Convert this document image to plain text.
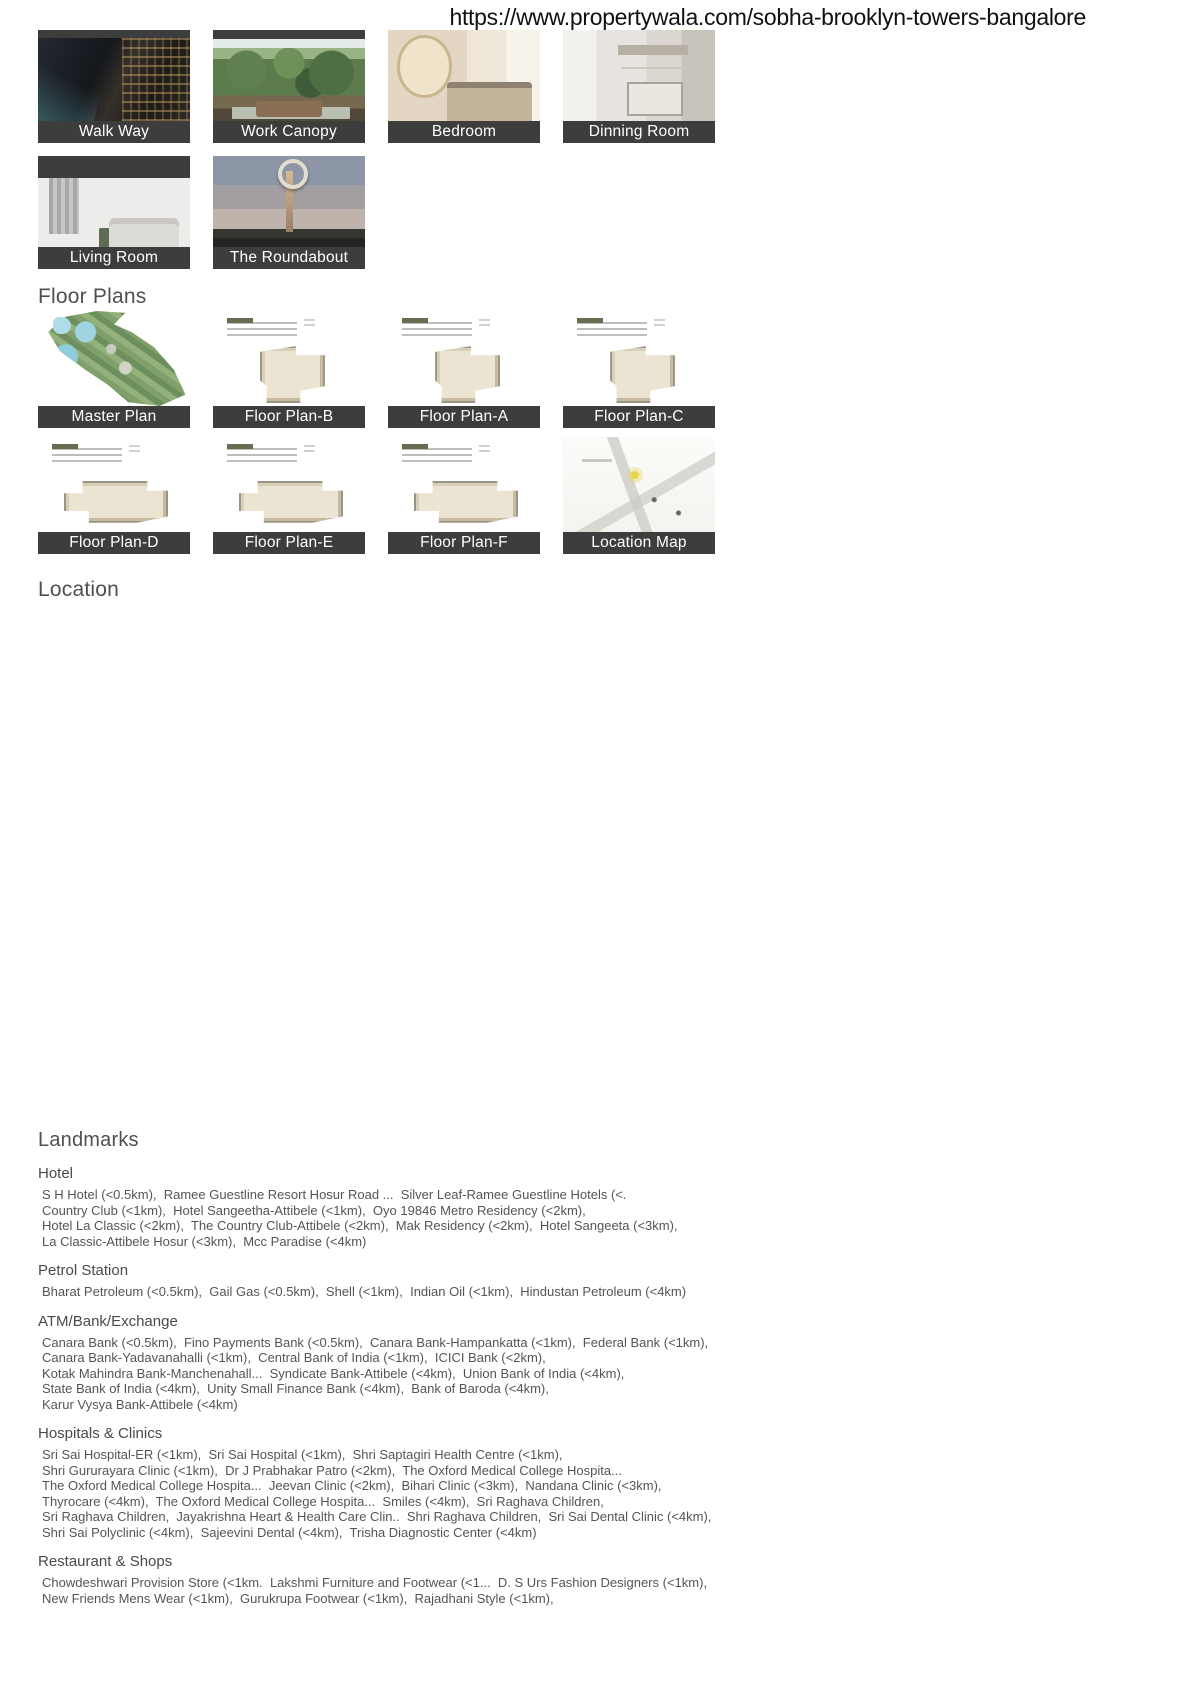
https://www.propertywala.com/sobha-brooklyn-towers-bangalore
Walk Way	Work Canopy	Bedroom	Dinning Room
Living Room	The Roundabout
Floor Plans
Master Plan	Floor Plan-B	Floor Plan-A	Floor Plan-C
Floor Plan-D	Floor Plan-E	Floor Plan-F	Location Map
Location
Landmarks
Hotel
S H Hotel (<0.5km),  Ramee Guestline Resort Hosur Road ...  Silver Leaf-Ramee Guestline Hotels (<.
Country Club (<1km),  Hotel Sangeetha-Attibele (<1km),  Oyo 19846 Metro Residency (<2km),
Hotel La Classic (<2km),  The Country Club-Attibele (<2km),  Mak Residency (<2km),  Hotel Sangeeta (<3km),
La Classic-Attibele Hosur (<3km),  Mcc Paradise (<4km)
Petrol Station
Bharat Petroleum (<0.5km),  Gail Gas (<0.5km),  Shell (<1km),  Indian Oil (<1km),  Hindustan Petroleum (<4km)
ATM/Bank/Exchange
Canara Bank (<0.5km),  Fino Payments Bank (<0.5km),  Canara Bank-Hampankatta (<1km),  Federal Bank (<1km),
Canara Bank-Yadavanahalli (<1km),  Central Bank of India (<1km),  ICICI Bank (<2km),
Kotak Mahindra Bank-Manchenahall...  Syndicate Bank-Attibele (<4km),  Union Bank of India (<4km),
State Bank of India (<4km),  Unity Small Finance Bank (<4km),  Bank of Baroda (<4km),
Karur Vysya Bank-Attibele (<4km)
Hospitals & Clinics
Sri Sai Hospital-ER (<1km),  Sri Sai Hospital (<1km),  Shri Saptagiri Health Centre (<1km),
Shri Gururayara Clinic (<1km),  Dr J Prabhakar Patro (<2km),  The Oxford Medical College Hospita...
The Oxford Medical College Hospita...  Jeevan Clinic (<2km),  Bihari Clinic (<3km),  Nandana Clinic (<3km),
Thyrocare (<4km),  The Oxford Medical College Hospita...  Smiles (<4km),  Sri Raghava Children,
Sri Raghava Children,  Jayakrishna Heart & Health Care Clin..  Shri Raghava Children,  Sri Sai Dental Clinic (<4km),
Shri Sai Polyclinic (<4km),  Sajeevini Dental (<4km),  Trisha Diagnostic Center (<4km)
Restaurant & Shops
Chowdeshwari Provision Store (<1km.  Lakshmi Furniture and Footwear (<1...  D. S Urs Fashion Designers (<1km),
New Friends Mens Wear (<1km),  Gurukrupa Footwear (<1km),  Rajadhani Style (<1km),
